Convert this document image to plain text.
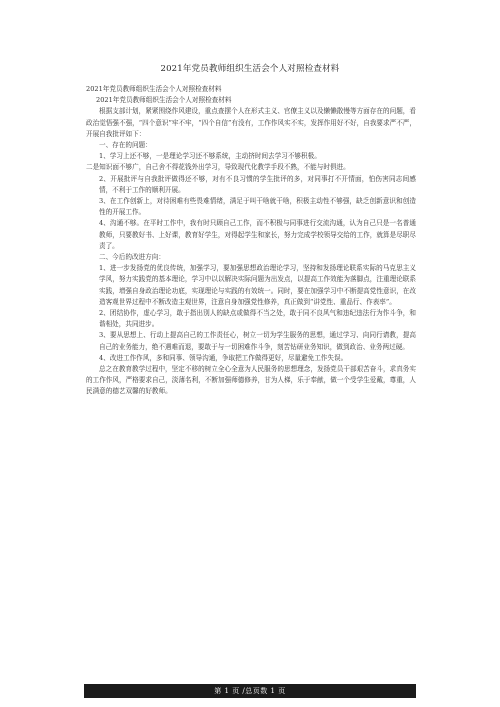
2021年党员教师组织生活会个人对照检查材料

2021年党员教师组织生活会个人对照检查材料

2021年党员教师组织生活会个人对照检查材料

根据支部计划，紧紧围绕作风建设，重点查摆个人在形式主义、官僚主义以及懒懒散慢等方面存在的问题，看政治觉悟强不强，“四个意识”牢不牢，“四个自信”有没有，工作作风实不实，发挥作用好不好，自我要求严不严，开展自我批评如下：

一、存在的问题：

1、学习上还不够，一是理论学习还不够系统，主动挤时间去学习不够积极。

二是知识面不够广，自己舍不得花钱外出学习，导致现代化教学手段不熟，不能与时俱进。

2、开展批评与自我批评做得还不够，对有不良习惯的学生批评的多，对同事打不开情面，怕伤害同志间感情，不利于工作的顺利开展。

3、在工作创新上，对待困难有些畏难情绪，满足于叫干啥就干啥，积极主动性不够强，缺乏创新意识和创造性的开展工作。

4、沟通不够。在平时工作中，我有时只顾自己工作，而不积极与同事进行交流沟通，认为自己只是一名普通教师，只要教好书、上好课，教育好学生，对得起学生和家长，努力完成学校领导交给的工作，就算是尽职尽责了。

二、今后的改进方向：

1、进一步发扬党的优良传统，加强学习，要加强思想政治理论学习，坚持和发扬理论联系实际的马克思主义学风，努力实践党的基本理论，学习中以以解决实际问题为出发点，以提高工作效能为落脚点，注重理论联系实践，增强自身政治理论功底，实现理论与实践的有效统一。同时，要在加强学习中不断提高党性意识，在改造客观世界过程中不断改造主观世界，注意自身加强党性修养，真正做到“讲党性、重品行、作表率”。

2、团结协作，虚心学习，敢于指出别人的缺点或做得不当之处，敢于同不良风气和违纪违法行为作斗争，和谐相处，共同进步。

3、要从思想上、行动上提高自己的工作责任心，树立一切为学生服务的思想，通过学习、向同行请教，提高自己的业务能力，绝不遇难而退，要敢于与一切困难作斗争，刻苦钻研业务知识，做到政治、业务两过硬。

4、改进工作作风，多和同事、领导沟通，争取把工作做得更好，尽量避免工作失误。

总之在教育教学过程中，坚定不移的树立全心全意为人民服务的思想理念，发扬党员干部艰苦奋斗，求真务实的工作作风，严格要求自己，淡薄名利，不断加强师德修养，甘为人梯，乐于奉献，做一个受学生爱戴，尊重，人民满意的德艺双馨的好教师。

第 1 页 /总页数 1 页
